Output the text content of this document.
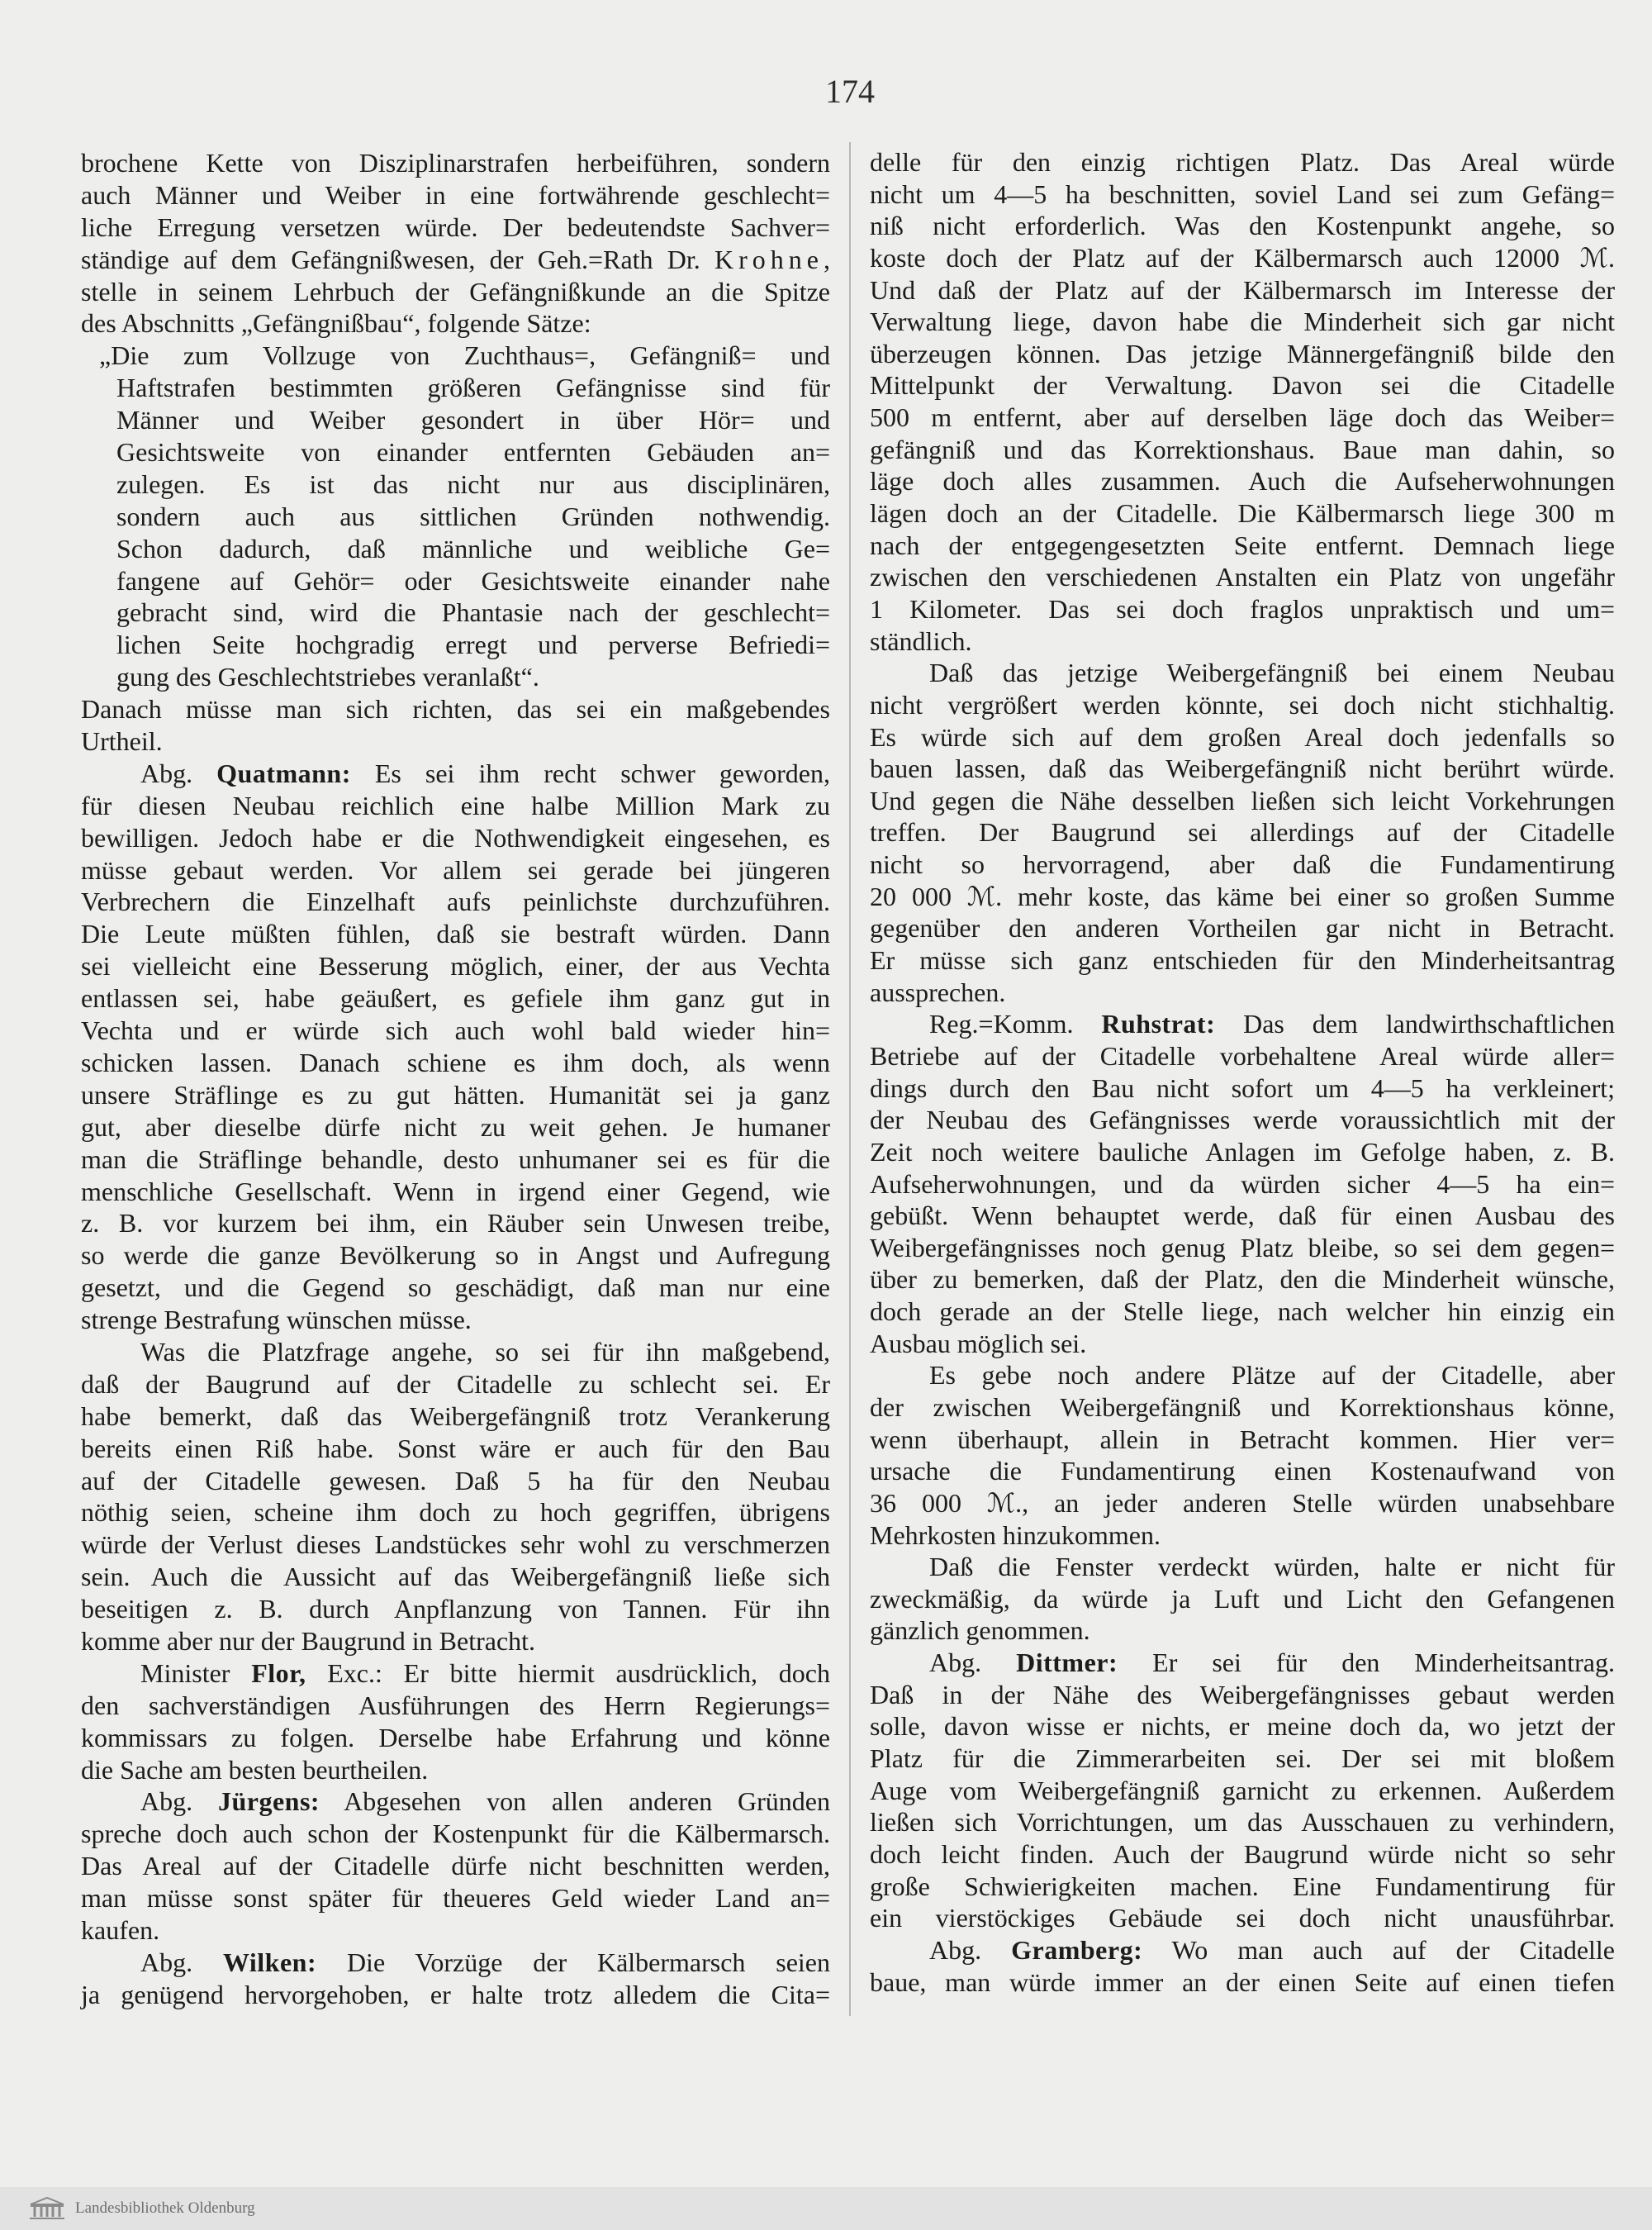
174
brochene Kette von Disziplinarstrafen herbeiführen, sondern
auch Männer und Weiber in eine fortwährende geschlecht=
liche Erregung versetzen würde. Der bedeutendste Sachver=
ständige auf dem Gefängnißwesen, der Geh.=Rath Dr. Krohne,
stelle in seinem Lehrbuch der Gefängnißkunde an die Spitze
des Abschnitts „Gefängnißbau“, folgende Sätze:
„Die zum Vollzuge von Zuchthaus=, Gefängniß= und
Haftstrafen bestimmten größeren Gefängnisse sind für
Männer und Weiber gesondert in über Hör= und
Gesichtsweite von einander entfernten Gebäuden an=
zulegen. Es ist das nicht nur aus disciplinären,
sondern auch aus sittlichen Gründen nothwendig.
Schon dadurch, daß männliche und weibliche Ge=
fangene auf Gehör= oder Gesichtsweite einander nahe
gebracht sind, wird die Phantasie nach der geschlecht=
lichen Seite hochgradig erregt und perverse Befriedi=
gung des Geschlechtstriebes veranlaßt“.
Danach müsse man sich richten, das sei ein maßgebendes
Urtheil.
Abg. Quatmann: Es sei ihm recht schwer geworden,
für diesen Neubau reichlich eine halbe Million Mark zu
bewilligen. Jedoch habe er die Nothwendigkeit eingesehen, es
müsse gebaut werden. Vor allem sei gerade bei jüngeren
Verbrechern die Einzelhaft aufs peinlichste durchzuführen.
Die Leute müßten fühlen, daß sie bestraft würden. Dann
sei vielleicht eine Besserung möglich, einer, der aus Vechta
entlassen sei, habe geäußert, es gefiele ihm ganz gut in
Vechta und er würde sich auch wohl bald wieder hin=
schicken lassen. Danach schiene es ihm doch, als wenn
unsere Sträflinge es zu gut hätten. Humanität sei ja ganz
gut, aber dieselbe dürfe nicht zu weit gehen. Je humaner
man die Sträflinge behandle, desto unhumaner sei es für die
menschliche Gesellschaft. Wenn in irgend einer Gegend, wie
z. B. vor kurzem bei ihm, ein Räuber sein Unwesen treibe,
so werde die ganze Bevölkerung so in Angst und Aufregung
gesetzt, und die Gegend so geschädigt, daß man nur eine
strenge Bestrafung wünschen müsse.
Was die Platzfrage angehe, so sei für ihn maßgebend,
daß der Baugrund auf der Citadelle zu schlecht sei. Er
habe bemerkt, daß das Weibergefängniß trotz Verankerung
bereits einen Riß habe. Sonst wäre er auch für den Bau
auf der Citadelle gewesen. Daß 5 ha für den Neubau
nöthig seien, scheine ihm doch zu hoch gegriffen, übrigens
würde der Verlust dieses Landstückes sehr wohl zu verschmerzen
sein. Auch die Aussicht auf das Weibergefängniß ließe sich
beseitigen z. B. durch Anpflanzung von Tannen. Für ihn
komme aber nur der Baugrund in Betracht.
Minister Flor, Exc.: Er bitte hiermit ausdrücklich, doch
den sachverständigen Ausführungen des Herrn Regierungs=
kommissars zu folgen. Derselbe habe Erfahrung und könne
die Sache am besten beurtheilen.
Abg. Jürgens: Abgesehen von allen anderen Gründen
spreche doch auch schon der Kostenpunkt für die Kälbermarsch.
Das Areal auf der Citadelle dürfe nicht beschnitten werden,
man müsse sonst später für theueres Geld wieder Land an=
kaufen.
Abg. Wilken: Die Vorzüge der Kälbermarsch seien
ja genügend hervorgehoben, er halte trotz alledem die Cita=
delle für den einzig richtigen Platz. Das Areal würde
nicht um 4—5 ha beschnitten, soviel Land sei zum Gefäng=
niß nicht erforderlich. Was den Kostenpunkt angehe, so
koste doch der Platz auf der Kälbermarsch auch 12000 ℳ.
Und daß der Platz auf der Kälbermarsch im Interesse der
Verwaltung liege, davon habe die Minderheit sich gar nicht
überzeugen können. Das jetzige Männergefängniß bilde den
Mittelpunkt der Verwaltung. Davon sei die Citadelle
500 m entfernt, aber auf derselben läge doch das Weiber=
gefängniß und das Korrektionshaus. Baue man dahin, so
läge doch alles zusammen. Auch die Aufseherwohnungen
lägen doch an der Citadelle. Die Kälbermarsch liege 300 m
nach der entgegengesetzten Seite entfernt. Demnach liege
zwischen den verschiedenen Anstalten ein Platz von ungefähr
1 Kilometer. Das sei doch fraglos unpraktisch und um=
ständlich.
Daß das jetzige Weibergefängniß bei einem Neubau
nicht vergrößert werden könnte, sei doch nicht stichhaltig.
Es würde sich auf dem großen Areal doch jedenfalls so
bauen lassen, daß das Weibergefängniß nicht berührt würde.
Und gegen die Nähe desselben ließen sich leicht Vorkehrungen
treffen. Der Baugrund sei allerdings auf der Citadelle
nicht so hervorragend, aber daß die Fundamentirung
20 000 ℳ. mehr koste, das käme bei einer so großen Summe
gegenüber den anderen Vortheilen gar nicht in Betracht.
Er müsse sich ganz entschieden für den Minderheitsantrag
aussprechen.
Reg.=Komm. Ruhstrat: Das dem landwirthschaftlichen
Betriebe auf der Citadelle vorbehaltene Areal würde aller=
dings durch den Bau nicht sofort um 4—5 ha verkleinert;
der Neubau des Gefängnisses werde voraussichtlich mit der
Zeit noch weitere bauliche Anlagen im Gefolge haben, z. B.
Aufseherwohnungen, und da würden sicher 4—5 ha ein=
gebüßt. Wenn behauptet werde, daß für einen Ausbau des
Weibergefängnisses noch genug Platz bleibe, so sei dem gegen=
über zu bemerken, daß der Platz, den die Minderheit wünsche,
doch gerade an der Stelle liege, nach welcher hin einzig ein
Ausbau möglich sei.
Es gebe noch andere Plätze auf der Citadelle, aber
der zwischen Weibergefängniß und Korrektionshaus könne,
wenn überhaupt, allein in Betracht kommen. Hier ver=
ursache die Fundamentirung einen Kostenaufwand von
36 000 ℳ., an jeder anderen Stelle würden unabsehbare
Mehrkosten hinzukommen.
Daß die Fenster verdeckt würden, halte er nicht für
zweckmäßig, da würde ja Luft und Licht den Gefangenen
gänzlich genommen.
Abg. Dittmer: Er sei für den Minderheitsantrag.
Daß in der Nähe des Weibergefängnisses gebaut werden
solle, davon wisse er nichts, er meine doch da, wo jetzt der
Platz für die Zimmerarbeiten sei. Der sei mit bloßem
Auge vom Weibergefängniß garnicht zu erkennen. Außerdem
ließen sich Vorrichtungen, um das Ausschauen zu verhindern,
doch leicht finden. Auch der Baugrund würde nicht so sehr
große Schwierigkeiten machen. Eine Fundamentirung für
ein vierstöckiges Gebäude sei doch nicht unausführbar.
Abg. Gramberg: Wo man auch auf der Citadelle
baue, man würde immer an der einen Seite auf einen tiefen
Landesbibliothek Oldenburg
